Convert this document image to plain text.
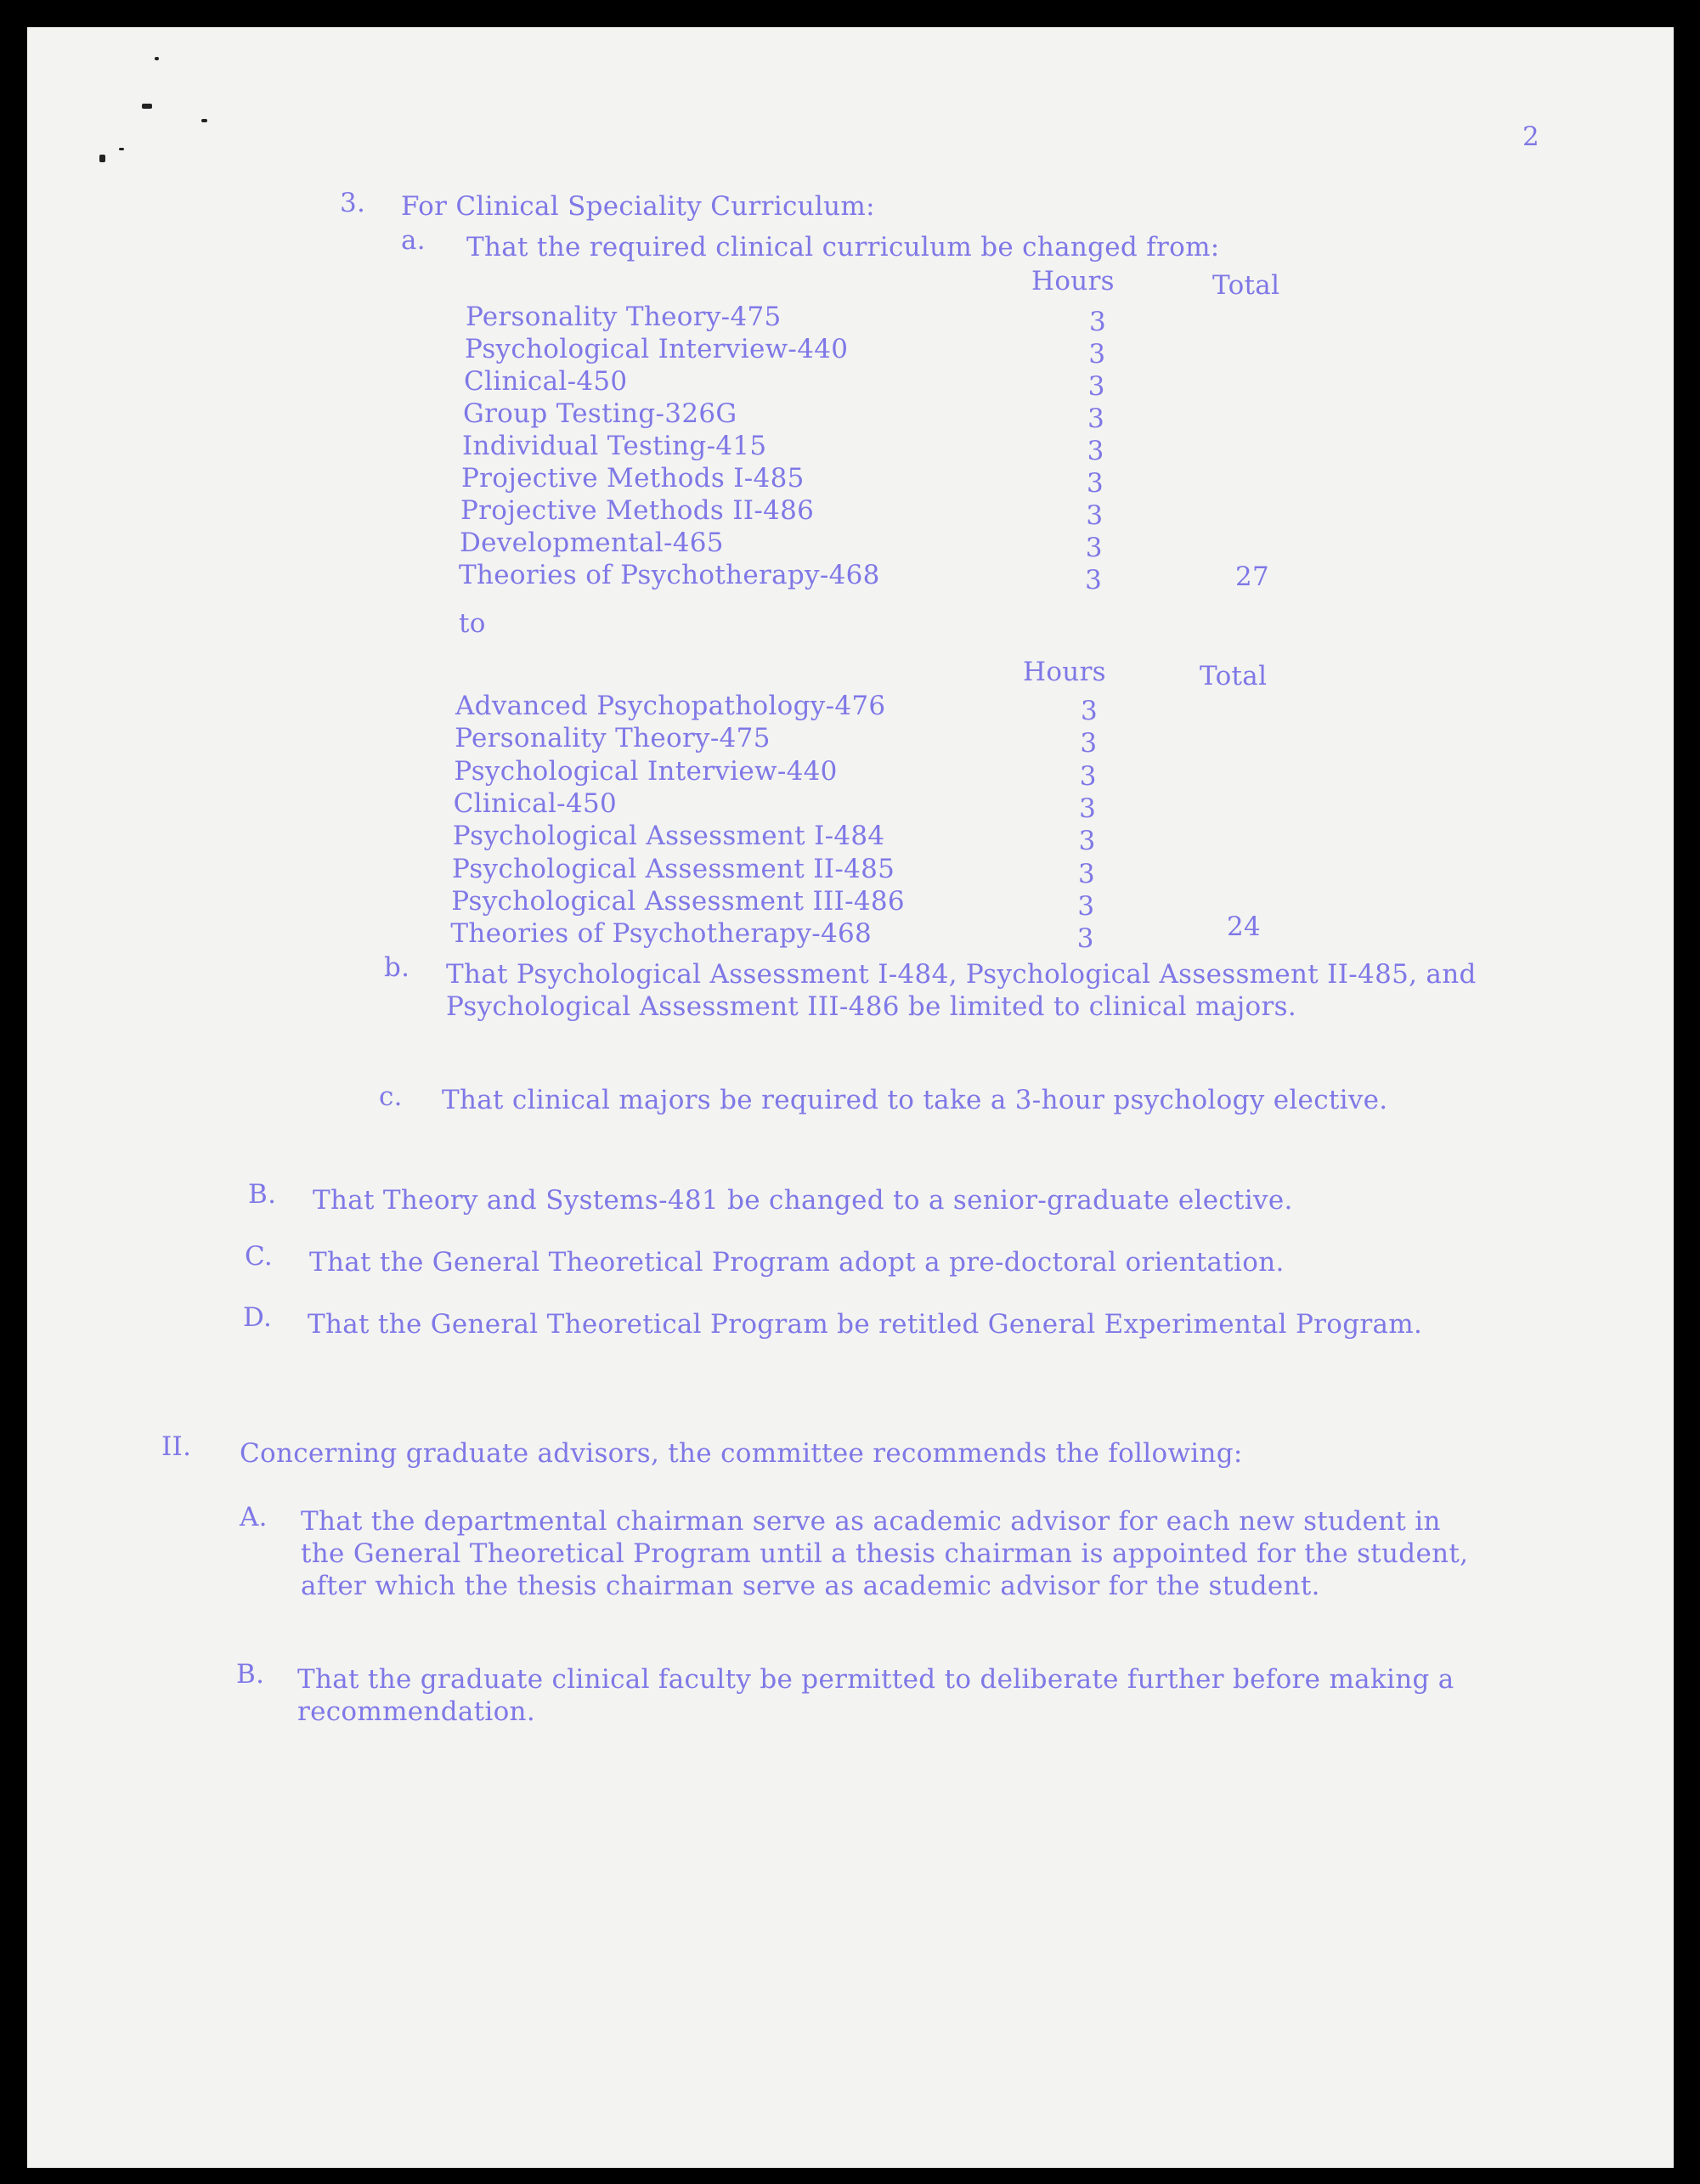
2
3. For Clinical Speciality Curriculum:
a. That the required clinical curriculum be changed from:
Hours	Total
Personality Theory-475	3
Psychological Interview-440	3
Clinical-450	3
Group Testing-326G	3
Individual Testing-415	3
Projective Methods I-485	3
Projective Methods II-486	3
Developmental-465	3
Theories of Psychotherapy-468	3	27
to
Hours	Total
Advanced Psychopathology-476	3
Personality Theory-475	3
Psychological Interview-440	3
Clinical-450	3
Psychological Assessment I-484	3
Psychological Assessment II-485	3
Psychological Assessment III-486	3
Theories of Psychotherapy-468	3	24
b. That Psychological Assessment I-484, Psychological Assessment II-485, and Psychological Assessment III-486 be limited to clinical majors.
c. That clinical majors be required to take a 3-hour psychology elective.
B. That Theory and Systems-481 be changed to a senior-graduate elective.
C. That the General Theoretical Program adopt a pre-doctoral orientation.
D. That the General Theoretical Program be retitled General Experimental Program.
II. Concerning graduate advisors, the committee recommends the following:
A. That the departmental chairman serve as academic advisor for each new student in the General Theoretical Program until a thesis chairman is appointed for the student, after which the thesis chairman serve as academic advisor for the student.
B. That the graduate clinical faculty be permitted to deliberate further before making a recommendation.
